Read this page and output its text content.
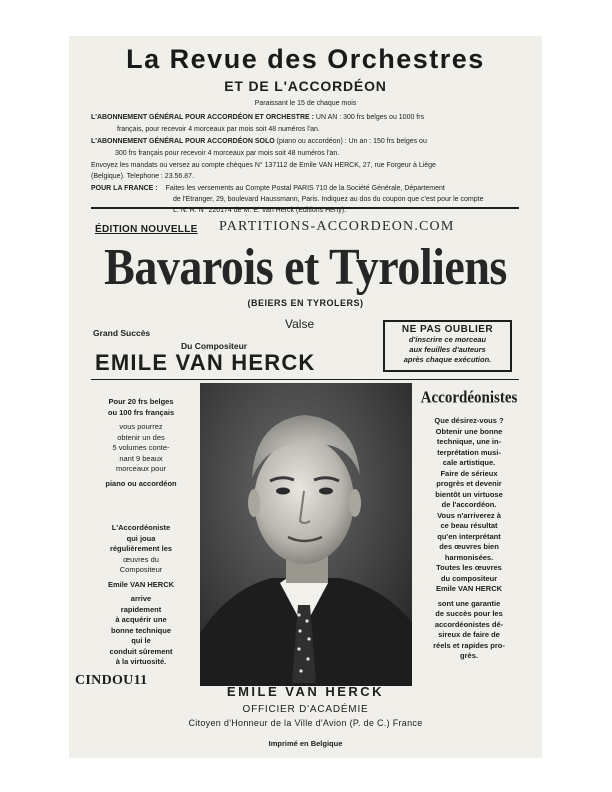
La Revue des Orchestres
ET DE L'ACCORDÉON
Paraissant le 15 de chaque mois
L'ABONNEMENT GÉNÉRAL POUR ACCORDÉON ET ORCHESTRE : UN AN : 300 frs belges ou 1000 frs
français, pour recevoir 4 morceaux par mois soit 48 numéros l'an.
L'ABONNEMENT GÉNÉRAL POUR ACCORDÉON SOLO (piano ou accordéon) : Un an : 150 frs belges ou
300 frs français pour recevoir 4 morceaux par mois soit 48 numéros l'an.
Envoyez les mandats ou versez au compte chèques N° 137112 de Emile VAN HERCK, 27, rue Forgeur à Liège
(Belgique). Telephone : 23.56.87.
POUR LA FRANCE : Faites les versements au Compte Postal PARIS 710 de la Société Générale, Département
de l'Etranger, 29, boulevard Haussmann, Paris. Indiquez au dos du coupon que c'est pour le compte
L. N. R. N° 220174 de M. E. Van Herck (Editions Herty).
ÉDITION NOUVELLE PARTITIONS-ACCORDEON.COM
Bavarois et Tyroliens
(BEIERS EN TYROLERS)
Valse	NE PAS OUBLIER
d'inscrire ce morceau
aux feuilles d'auteurs
après chaque exécution.
Grand Succès
Du Compositeur
EMILE VAN HERCK
Pour 20 frs belges
ou 100 frs français
vous pourrez
obtenir un des
5 volumes conte-
nant 9 beaux
morceaux pour
piano ou accordéon
L'Accordéoniste
qui joua
régulièrement les
œuvres du
Compositeur
Emile VAN HERCK
arrive
rapidement
à acquérir une
bonne technique
qui le
conduit sûrement
à la virtuosité.
Accordéonistes
Que désirez-vous ?
Obtenir une bonne
technique, une in-
terprétation musi-
cale artistique.
Faire de sérieux
progrès et devenir
bientôt un virtuose
de l'accordéon.
Vous n'arriverez à
ce beau résultat
qu'en interprétant
des œuvres bien
harmonisées.
Toutes les œuvres
du compositeur
Emile VAN HERCK
sont une garantie
de succès pour les
accordéonistes dé-
sireux de faire de
réels et rapides pro-
grès.
CINDOU11
EMILE VAN HERCK
OFFICIER D'ACADÉMIE
Citoyen d'Honneur de la Ville d'Avion (P. de C.) France
Imprimé en Belgique
